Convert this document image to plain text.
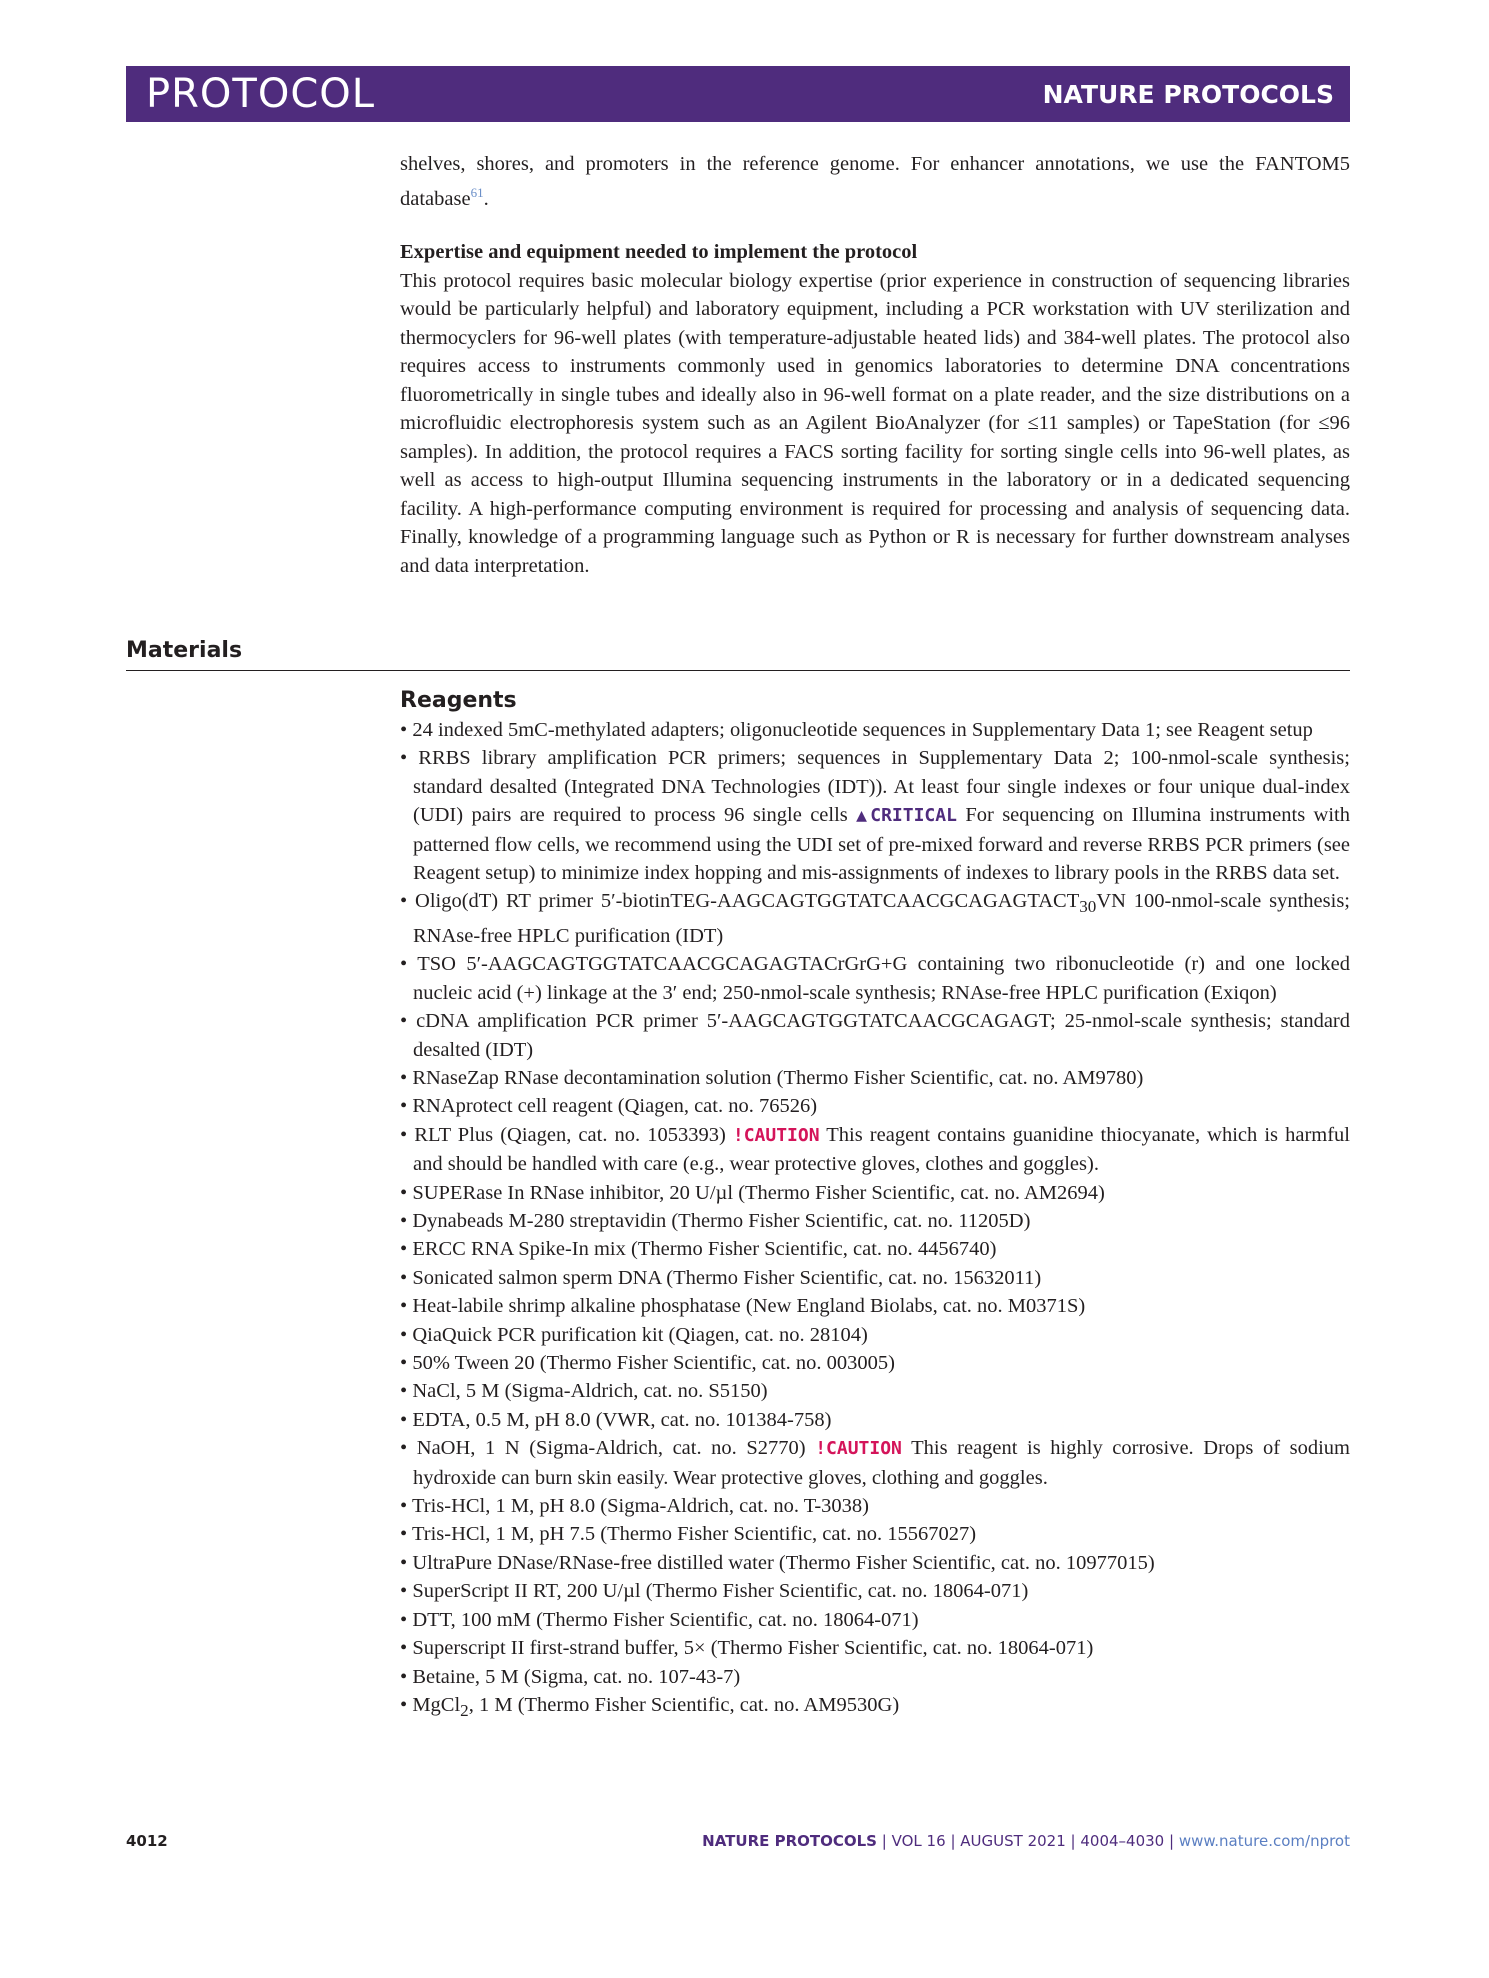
PROTOCOL	NATURE PROTOCOLS
shelves, shores, and promoters in the reference genome. For enhancer annotations, we use the FANTOM5 database$^{61}$.

Expertise and equipment needed to implement the protocol

This protocol requires basic molecular biology expertise (prior experience in construction of sequencing libraries would be particularly helpful) and laboratory equipment, including a PCR workstation with UV sterilization and thermocyclers for 96-well plates (with temperature-adjustable heated lids) and 384-well plates. The protocol also requires access to instruments commonly used in genomics laboratories to determine DNA concentrations fluorometrically in single tubes and ideally also in 96-well format on a plate reader, and the size distributions on a microfluidic electrophoresis system such as an Agilent BioAnalyzer (for ≤11 samples) or TapeStation (for ≤96 samples). In addition, the protocol requires a FACS sorting facility for sorting single cells into 96-well plates, as well as access to high-output Illumina sequencing instruments in the laboratory or in a dedicated sequencing facility. A high-performance computing environment is required for processing and analysis of sequencing data. Finally, knowledge of a programming language such as Python or R is necessary for further downstream analyses and data interpretation.

Materials
Reagents
• 24 indexed 5mC-methylated adapters; oligonucleotide sequences in Supplementary Data 1; see Reagent setup
• RRBS library amplification PCR primers; sequences in Supplementary Data 2; 100-nmol-scale synthesis; standard desalted (Integrated DNA Technologies (IDT)). At least four single indexes or four unique dual-index (UDI) pairs are required to process 96 single cells ▲CRITICAL For sequencing on Illumina instruments with patterned flow cells, we recommend using the UDI set of pre-mixed forward and reverse RRBS PCR primers (see Reagent setup) to minimize index hopping and mis-assignments of indexes to library pools in the RRBS data set.
• Oligo(dT) RT primer $5'-biotinTEG-AAGCAGTGGTATCAACGCAGAGTACT_{30}VN$ 100-nmol-scale synthesis; RNAse-free HPLC purification (IDT)
• TSO 5′-AAGCAGTGGTATCAACGCAGAGTACrGrG+G containing two ribonucleotide (r) and one locked nucleic acid (+) linkage at the 3′ end; 250-nmol-scale synthesis; RNAse-free HPLC purification (Exiqon)
• cDNA amplification PCR primer 5′-AAGCAGTGGTATCAACGCAGAGT; 25-nmol-scale synthesis; standard desalted (IDT)
• RNaseZap RNase decontamination solution (Thermo Fisher Scientific, cat. no. AM9780)
• RNAprotect cell reagent (Qiagen, cat. no. 76526)
• RLT Plus (Qiagen, cat. no. 1053393) !CAUTION This reagent contains guanidine thiocyanate, which is harmful and should be handled with care (e.g., wear protective gloves, clothes and goggles).
• SUPERase In RNase inhibitor, 20 U/µl (Thermo Fisher Scientific, cat. no. AM2694)
• Dynabeads M-280 streptavidin (Thermo Fisher Scientific, cat. no. 11205D)
• ERCC RNA Spike-In mix (Thermo Fisher Scientific, cat. no. 4456740)
• Sonicated salmon sperm DNA (Thermo Fisher Scientific, cat. no. 15632011)
• Heat-labile shrimp alkaline phosphatase (New England Biolabs, cat. no. M0371S)
• QiaQuick PCR purification kit (Qiagen, cat. no. 28104)
• 50% Tween 20 (Thermo Fisher Scientific, cat. no. 003005)
• NaCl, 5 M (Sigma-Aldrich, cat. no. S5150)
• EDTA, 0.5 M, pH 8.0 (VWR, cat. no. 101384-758)
• NaOH, 1 N (Sigma-Aldrich, cat. no. S2770) !CAUTION This reagent is highly corrosive. Drops of sodium hydroxide can burn skin easily. Wear protective gloves, clothing and goggles.
• Tris-HCl, 1 M, pH 8.0 (Sigma-Aldrich, cat. no. T-3038)
• Tris-HCl, 1 M, pH 7.5 (Thermo Fisher Scientific, cat. no. 15567027)
• UltraPure DNase/RNase-free distilled water (Thermo Fisher Scientific, cat. no. 10977015)
• SuperScript II RT, 200 U/µl (Thermo Fisher Scientific, cat. no. 18064-071)
• DTT, 100 mM (Thermo Fisher Scientific, cat. no. 18064-071)
• Superscript II first-strand buffer, 5× (Thermo Fisher Scientific, cat. no. 18064-071)
• Betaine, 5 M (Sigma, cat. no. 107-43-7)
• MgCl$_2$, 1 M (Thermo Fisher Scientific, cat. no. AM9530G)
4012	NATURE PROTOCOLS | VOL 16 | AUGUST 2021 | 4004–4030 | www.nature.com/nprot
